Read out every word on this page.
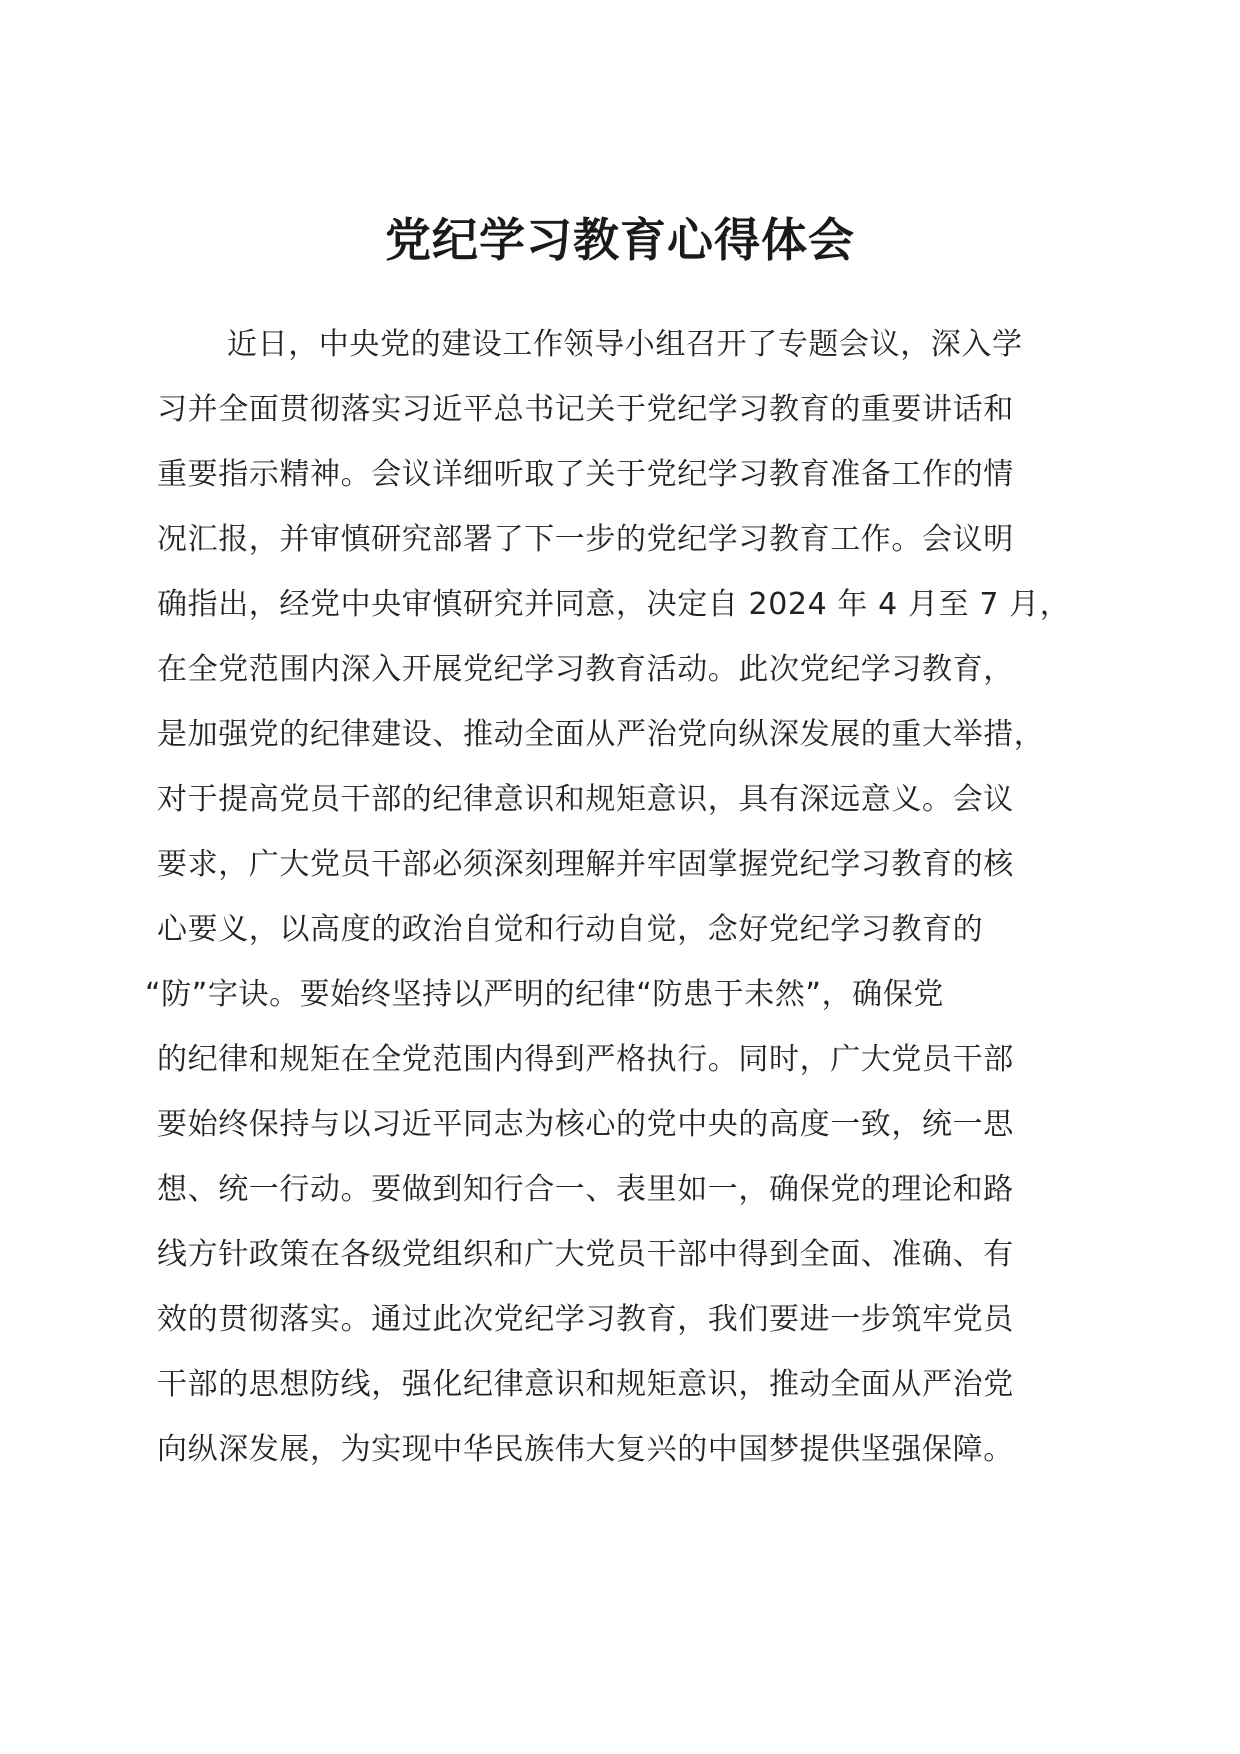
党纪学习教育心得体会
近日，中央党的建设工作领导小组召开了专题会议，深入学
习并全面贯彻落实习近平总书记关于党纪学习教育的重要讲话和
重要指示精神。会议详细听取了关于党纪学习教育准备工作的情
况汇报，并审慎研究部署了下一步的党纪学习教育工作。会议明
确指出，经党中央审慎研究并同意，决定自 2024 年 4 月至 7 月，
在全党范围内深入开展党纪学习教育活动。此次党纪学习教育，
是加强党的纪律建设、推动全面从严治党向纵深发展的重大举措，
对于提高党员干部的纪律意识和规矩意识，具有深远意义。会议
要求，广大党员干部必须深刻理解并牢固掌握党纪学习教育的核
心要义，以高度的政治自觉和行动自觉，念好党纪学习教育的
“防”字诀。要始终坚持以严明的纪律“防患于未然”，确保党
的纪律和规矩在全党范围内得到严格执行。同时，广大党员干部
要始终保持与以习近平同志为核心的党中央的高度一致，统一思
想、统一行动。要做到知行合一、表里如一，确保党的理论和路
线方针政策在各级党组织和广大党员干部中得到全面、准确、有
效的贯彻落实。通过此次党纪学习教育，我们要进一步筑牢党员
干部的思想防线，强化纪律意识和规矩意识，推动全面从严治党
向纵深发展，为实现中华民族伟大复兴的中国梦提供坚强保障。
